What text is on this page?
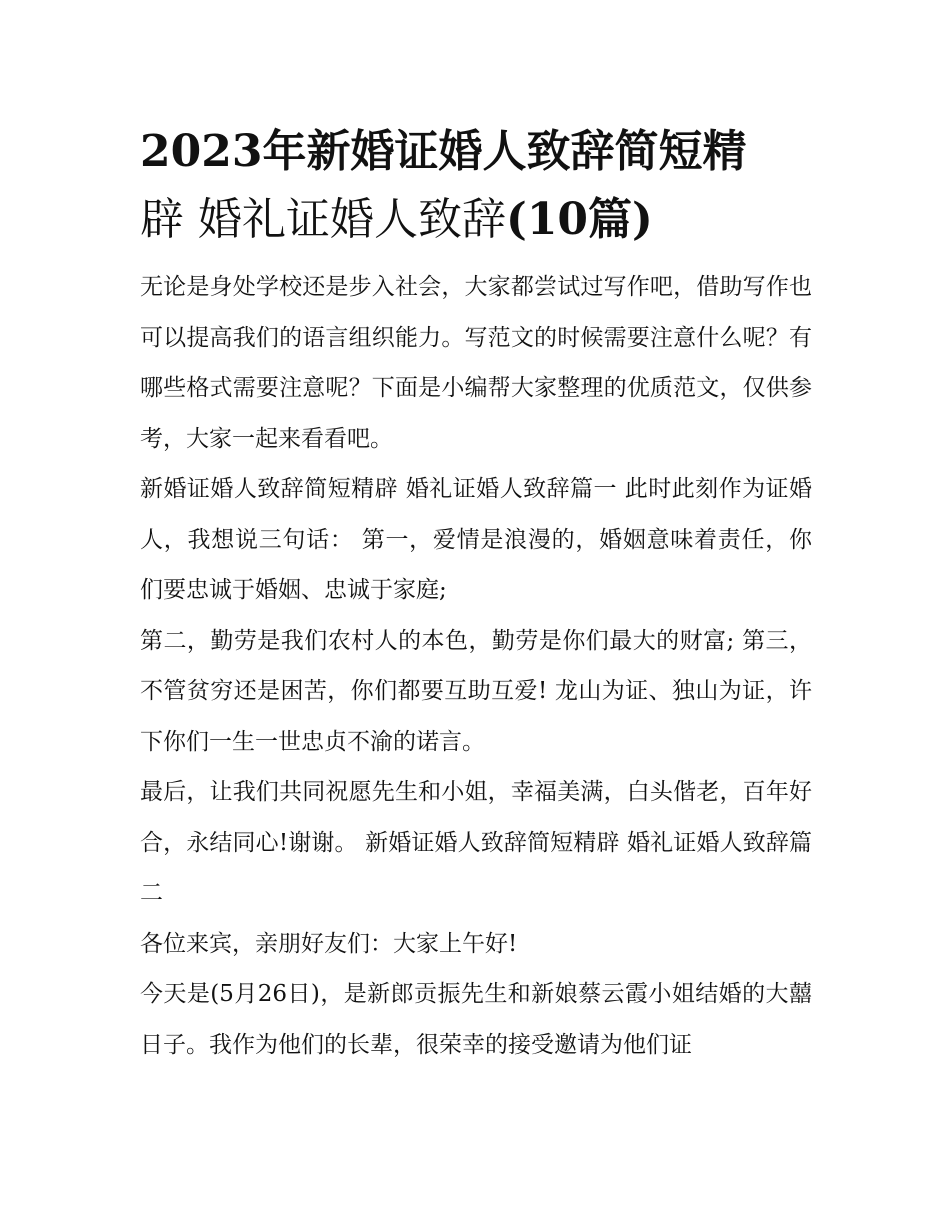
2023年新婚证婚人致辞简短精
辟 婚礼证婚人致辞(10篇)

无论是身处学校还是步入社会，大家都尝试过写作吧，借助写作也可以提高我们的语言组织能力。写范文的时候需要注意什么呢？有哪些格式需要注意呢？下面是小编帮大家整理的优质范文，仅供参考，大家一起来看看吧。

新婚证婚人致辞简短精辟 婚礼证婚人致辞篇一 此时此刻作为证婚人，我想说三句话： 第一，爱情是浪漫的，婚姻意味着责任，你们要忠诚于婚姻、忠诚于家庭;

第二，勤劳是我们农村人的本色，勤劳是你们最大的财富; 第三，不管贫穷还是困苦，你们都要互助互爱! 龙山为证、独山为证，许下你们一生一世忠贞不渝的诺言。

最后，让我们共同祝愿先生和小姐，幸福美满，白头偕老，百年好合，永结同心!谢谢。 新婚证婚人致辞简短精辟 婚礼证婚人致辞篇二

各位来宾，亲朋好友们：大家上午好!

今天是(5月26日)，是新郎贡振先生和新娘蔡云霞小姐结婚的大囍日子。我作为他们的长辈，很荣幸的接受邀请为他们证
